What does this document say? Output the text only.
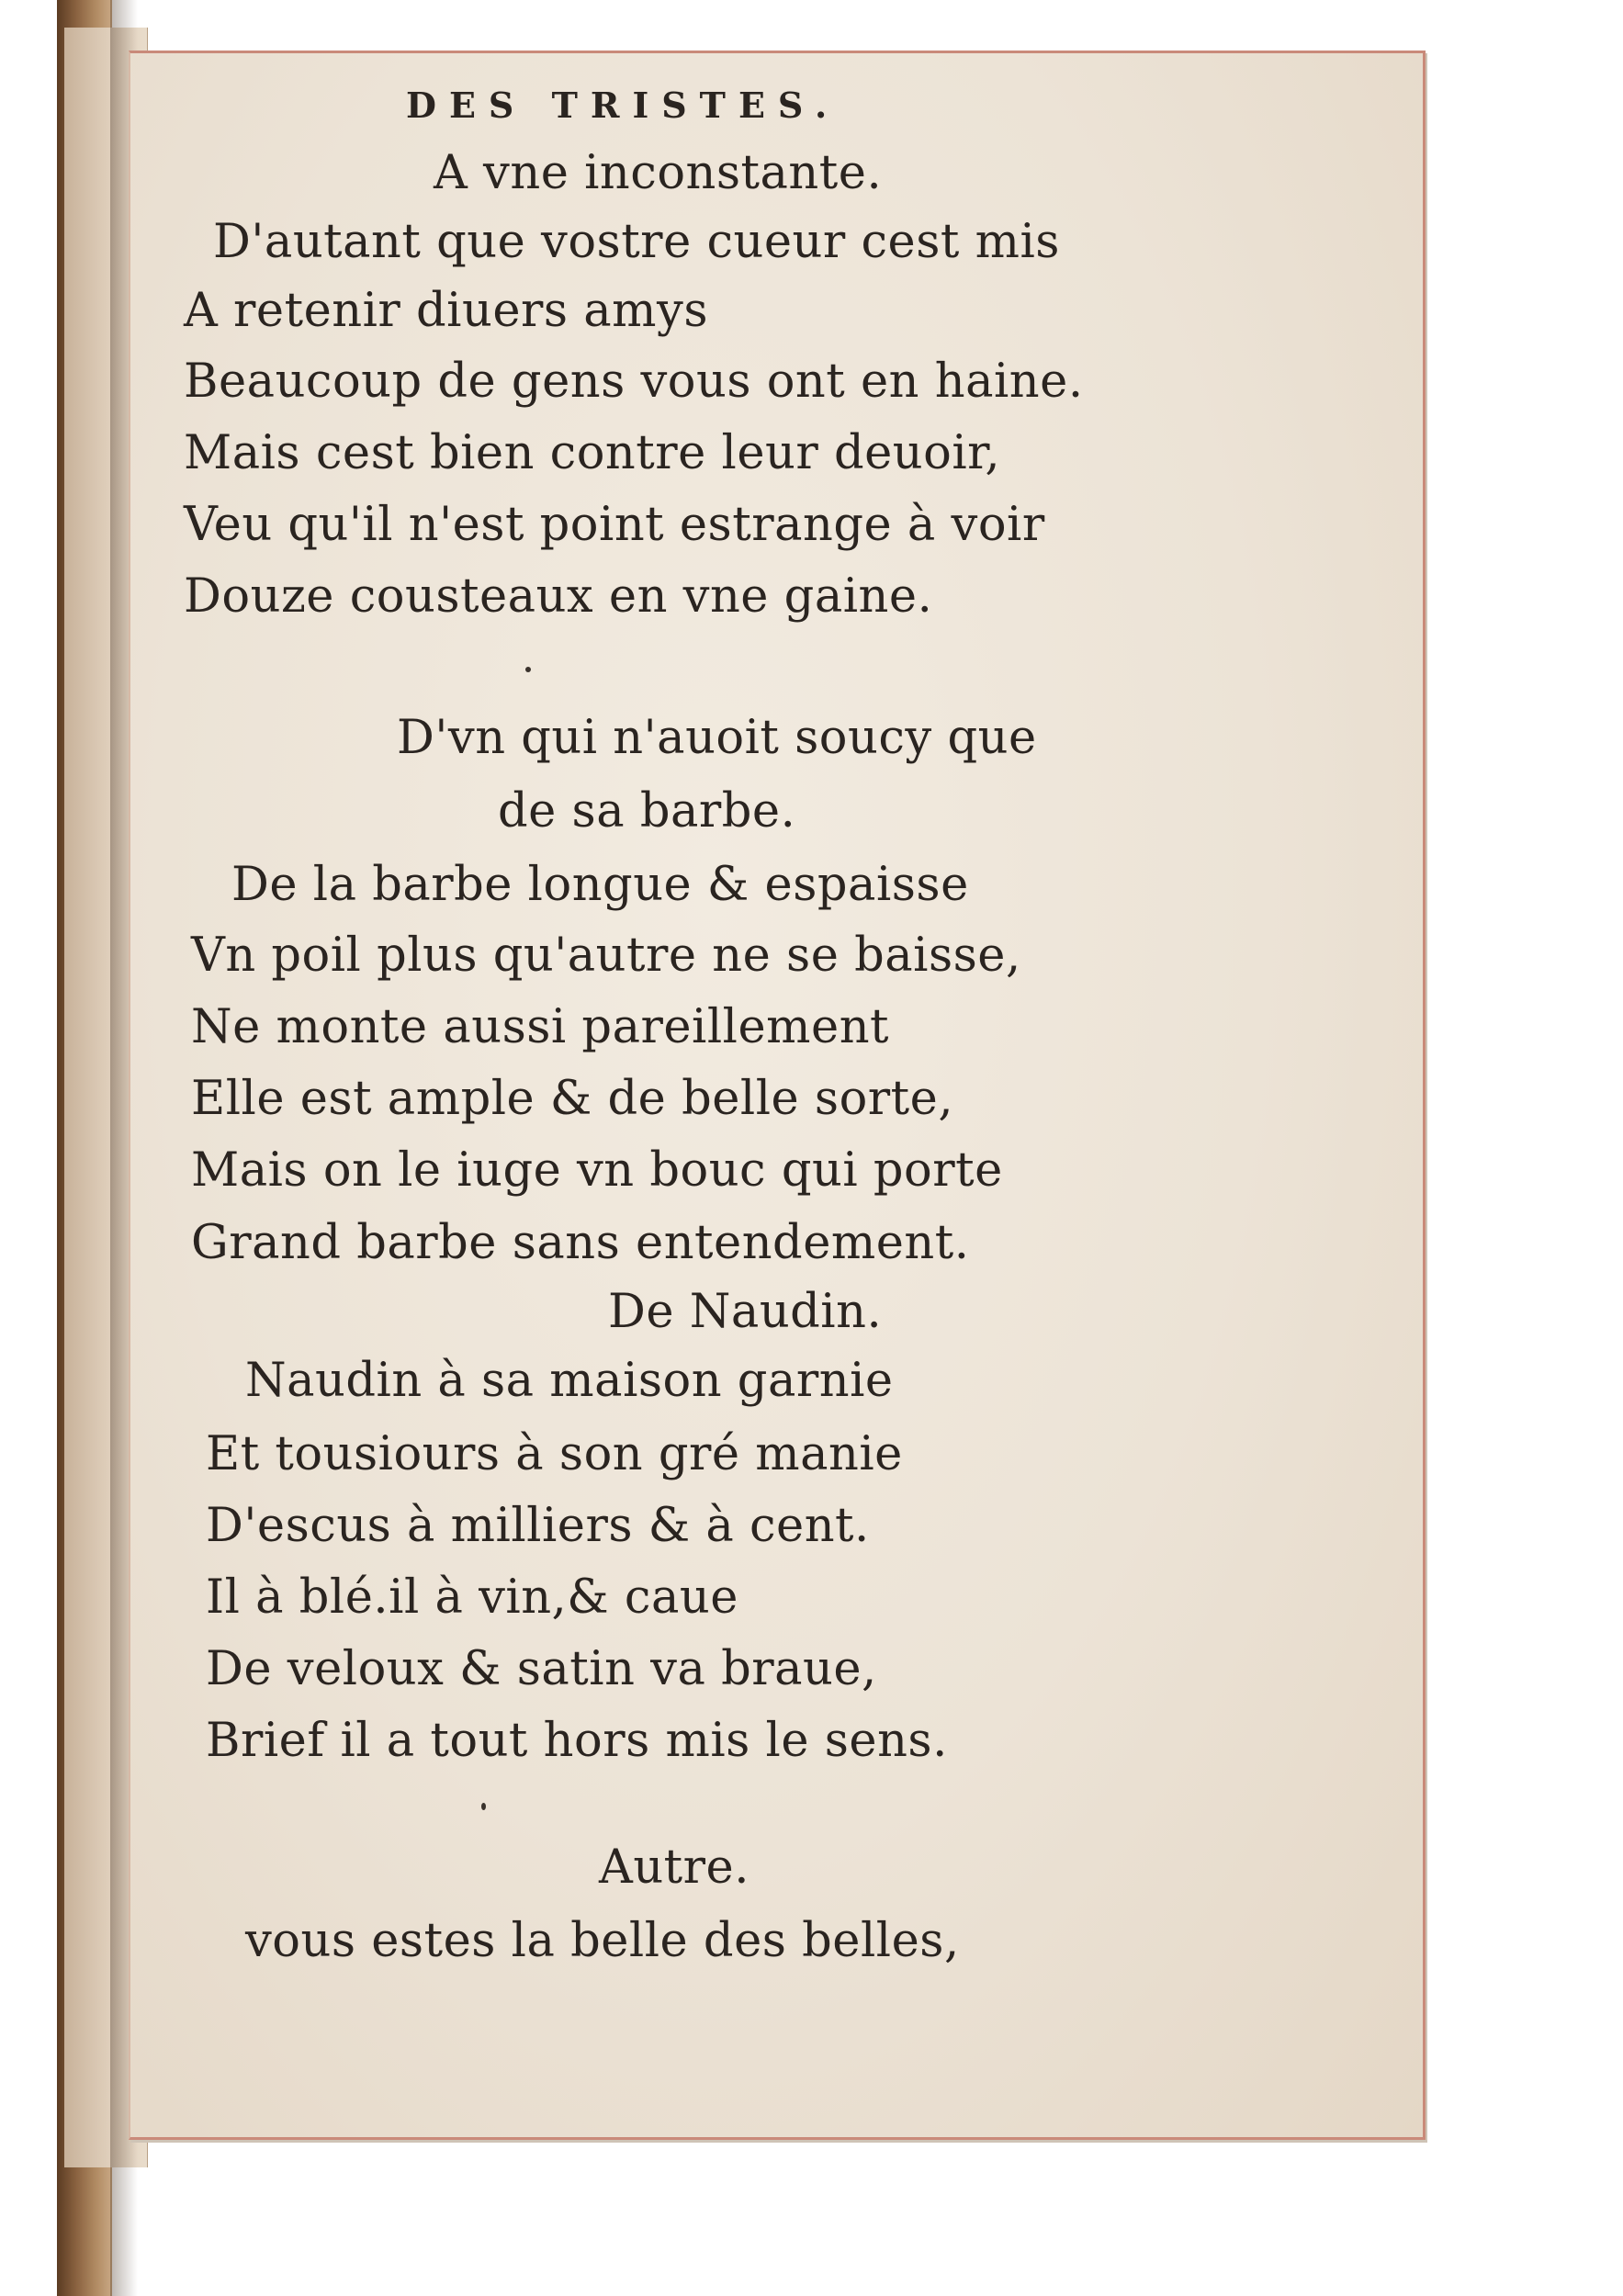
DES TRISTES.
A vne inconstante.
D'autant que vostre cueur cest mis
A retenir diuers amys
Beaucoup de gens vous ont en haine.
Mais cest bien contre leur deuoir,
Veu qu'il n'est point estrange à voir
Douze cousteaux en vne gaine.
D'vn qui n'auoit soucy que
de sa barbe.
De la barbe longue & espaisse
Vn poil plus qu'autre ne se baisse,
Ne monte aussi pareillement
Elle est ample & de belle sorte,
Mais on le iuge vn bouc qui porte
Grand barbe sans entendement.
De Naudin.
Naudin à sa maison garnie
Et tousiours à son gré manie
D'escus à milliers & à cent.
Il à blé.il à vin,& caue
De veloux & satin va braue,
Brief il a tout hors mis le sens.
Autre.
vous estes la belle des belles,
